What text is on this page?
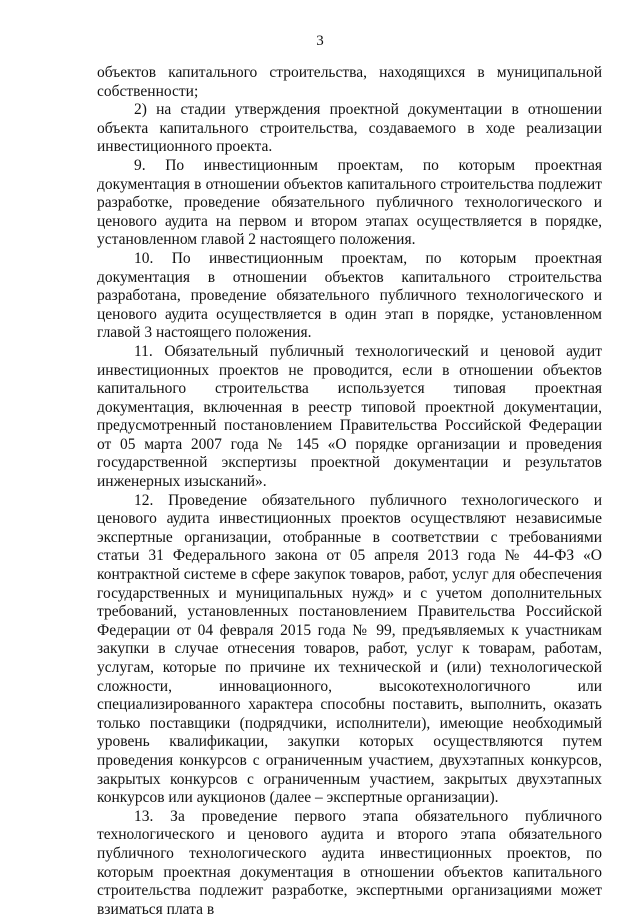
3

объектов капитального строительства, находящихся в муниципальной собственности;

2) на стадии утверждения проектной документации в отношении объекта капитального строительства, создаваемого в ходе реализации инвестиционного проекта.

9. По инвестиционным проектам, по которым проектная документация в отношении объектов капитального строительства подлежит разработке, проведение обязательного публичного технологического и ценового аудита на первом и втором этапах осуществляется в порядке, установленном главой 2 настоящего положения.

10. По инвестиционным проектам, по которым проектная документация в отношении объектов капитального строительства разработана, проведение обязательного публичного технологического и ценового аудита осуществляется в один этап в порядке, установленном главой 3 настоящего положения.

11. Обязательный публичный технологический и ценовой аудит инвестиционных проектов не проводится, если в отношении объектов капитального строительства используется типовая проектная документация, включенная в реестр типовой проектной документации, предусмотренный постановлением Правительства Российской Федерации от 05 марта 2007 года № 145 «О порядке организации и проведения государственной экспертизы проектной документации и результатов инженерных изысканий».

12. Проведение обязательного публичного технологического и ценового аудита инвестиционных проектов осуществляют независимые экспертные организации, отобранные в соответствии с требованиями статьи 31 Федерального закона от 05 апреля 2013 года № 44-ФЗ «О контрактной системе в сфере закупок товаров, работ, услуг для обеспечения государственных и муниципальных нужд» и с учетом дополнительных требований, установленных постановлением Правительства Российской Федерации от 04 февраля 2015 года № 99, предъявляемых к участникам закупки в случае отнесения товаров, работ, услуг к товарам, работам, услугам, которые по причине их технической и (или) технологической сложности, инновационного, высокотехнологичного или специализированного характера способны поставить, выполнить, оказать только поставщики (подрядчики, исполнители), имеющие необходимый уровень квалификации, закупки которых осуществляются путем проведения конкурсов с ограниченным участием, двухэтапных конкурсов, закрытых конкурсов с ограниченным участием, закрытых двухэтапных конкурсов или аукционов (далее – экспертные организации).

13. За проведение первого этапа обязательного публичного технологического и ценового аудита и второго этапа обязательного публичного технологического аудита инвестиционных проектов, по которым проектная документация в отношении объектов капитального строительства подлежит разработке, экспертными организациями может взиматься плата в
